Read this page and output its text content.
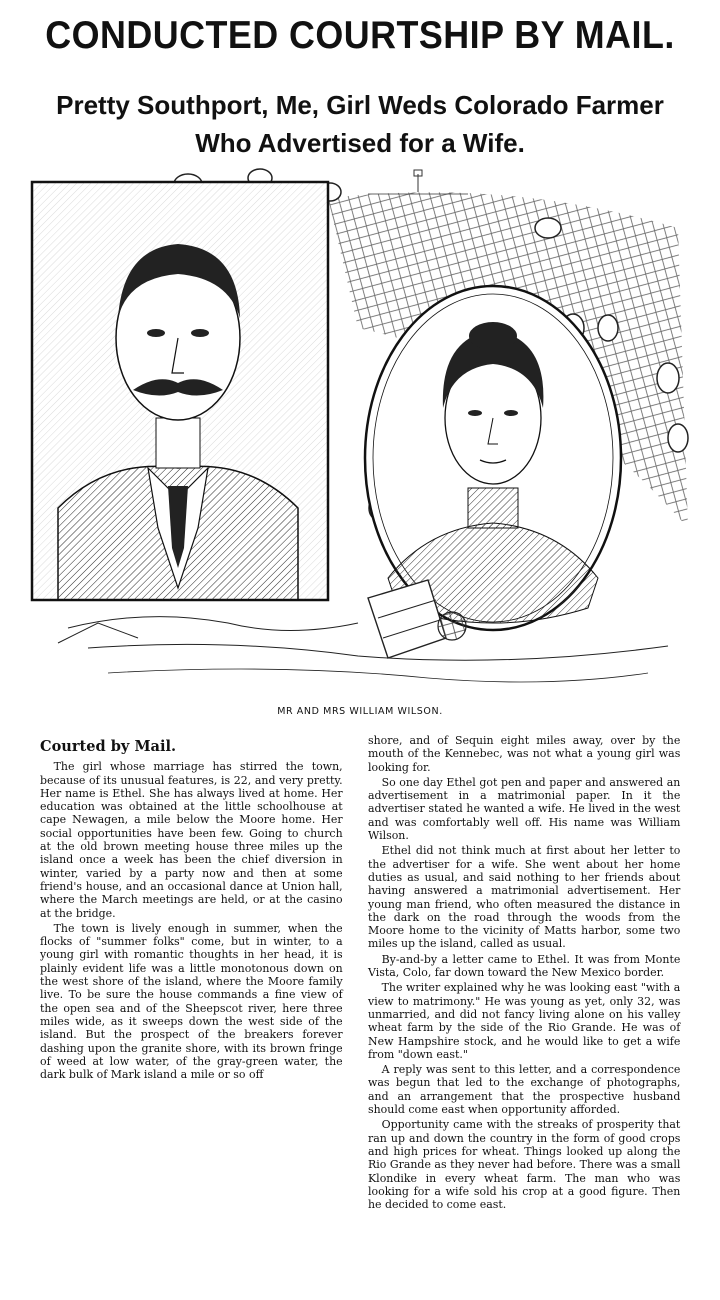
CONDUCTED COURTSHIP BY MAIL.
Pretty Southport, Me, Girl Weds Colorado Farmer
Who Advertised for a Wife.
MR AND MRS WILLIAM WILSON.
Courted by Mail.

The girl whose marriage has stirred the town, because of its unusual features, is 22, and very pretty. Her name is Ethel. She has always lived at home. Her education was obtained at the little schoolhouse at cape Newagen, a mile below the Moore home. Her social opportunities have been few. Going to church at the old brown meeting house three miles up the island once a week has been the chief diversion in winter, varied by a party now and then at some friend's house, and an occasional dance at Union hall, where the March meetings are held, or at the casino at the bridge.

The town is lively enough in summer, when the flocks of "summer folks" come, but in winter, to a young girl with romantic thoughts in her head, it is plainly evident life was a little monotonous down on the west shore of the island, where the Moore family live. To be sure the house commands a fine view of the open sea and of the Sheepscot river, here three miles wide, as it sweeps down the west side of the island. But the prospect of the breakers forever dashing upon the granite shore, with its brown fringe of weed at low water, of the gray-green water, the dark bulk of Mark island a mile or so off

shore, and of Sequin eight miles away, over by the mouth of the Kennebec, was not what a young girl was looking for.

So one day Ethel got pen and paper and answered an advertisement in a matrimonial paper. In it the advertiser stated he wanted a wife. He lived in the west and was comfortably well off. His name was William Wilson.

Ethel did not think much at first about her letter to the advertiser for a wife. She went about her home duties as usual, and said nothing to her friends about having answered a matrimonial advertisement. Her young man friend, who often measured the distance in the dark on the road through the woods from the Moore home to the vicinity of Matts harbor, some two miles up the island, called as usual.

By-and-by a letter came to Ethel. It was from Monte Vista, Colo, far down toward the New Mexico border.

The writer explained why he was looking east "with a view to matrimony." He was young as yet, only 32, was unmarried, and did not fancy living alone on his valley wheat farm by the side of the Rio Grande. He was of New Hampshire stock, and he would like to get a wife from "down east."

A reply was sent to this letter, and a correspondence was begun that led to the exchange of photographs, and an arrangement that the prospective husband should come east when opportunity afforded.

Opportunity came with the streaks of prosperity that ran up and down the country in the form of good crops and high prices for wheat. Things looked up along the Rio Grande as they never had before. There was a small Klondike in every wheat farm. The man who was looking for a wife sold his crop at a good figure. Then he decided to come east.
